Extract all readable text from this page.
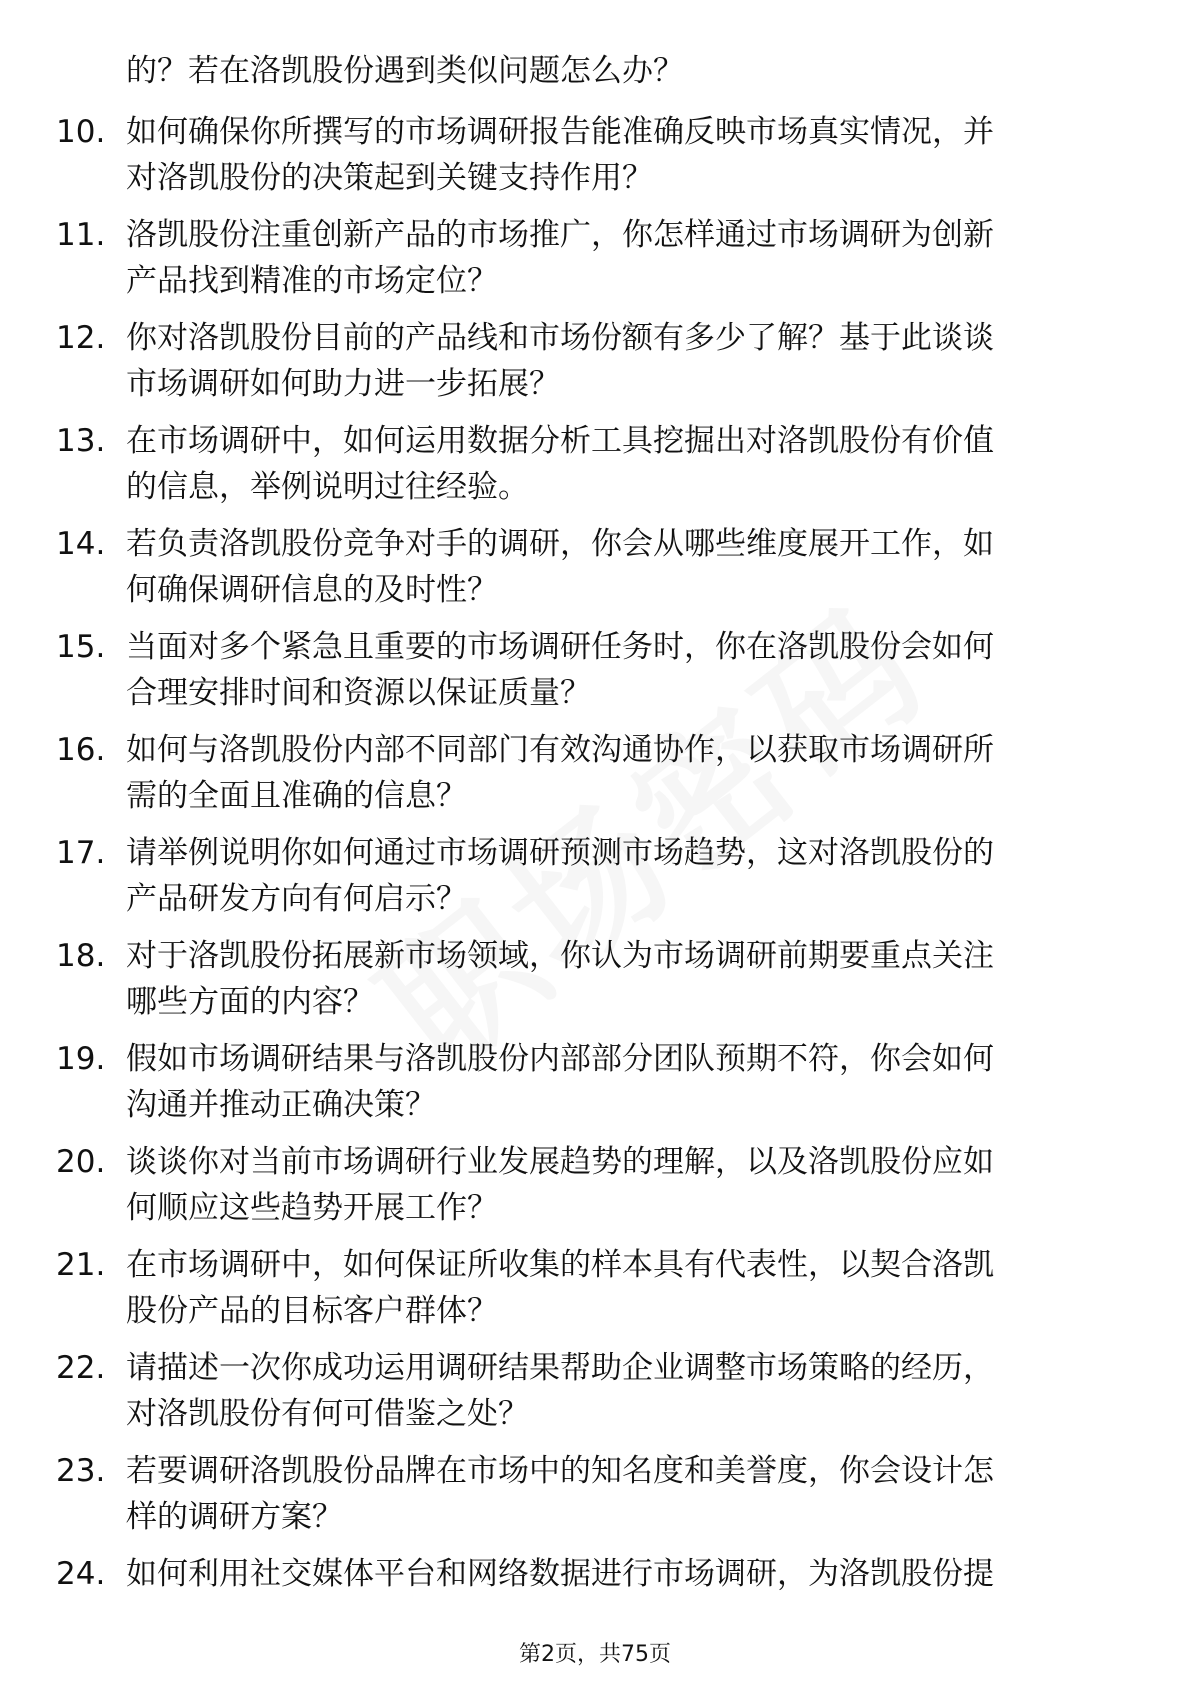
的？若在洛凯股份遇到类似问题怎么办？
10. 如何确保你所撰写的市场调研报告能准确反映市场真实情况，并
对洛凯股份的决策起到关键支持作用？
11. 洛凯股份注重创新产品的市场推广，你怎样通过市场调研为创新
产品找到精准的市场定位？
12. 你对洛凯股份目前的产品线和市场份额有多少了解？基于此谈谈
市场调研如何助力进一步拓展？
13. 在市场调研中，如何运用数据分析工具挖掘出对洛凯股份有价值
的信息，举例说明过往经验。
14. 若负责洛凯股份竞争对手的调研，你会从哪些维度展开工作，如
何确保调研信息的及时性？
15. 当面对多个紧急且重要的市场调研任务时，你在洛凯股份会如何
合理安排时间和资源以保证质量？
16. 如何与洛凯股份内部不同部门有效沟通协作，以获取市场调研所
需的全面且准确的信息？
17. 请举例说明你如何通过市场调研预测市场趋势，这对洛凯股份的
产品研发方向有何启示？
18. 对于洛凯股份拓展新市场领域，你认为市场调研前期要重点关注
哪些方面的内容？
19. 假如市场调研结果与洛凯股份内部部分团队预期不符，你会如何
沟通并推动正确决策？
20. 谈谈你对当前市场调研行业发展趋势的理解，以及洛凯股份应如
何顺应这些趋势开展工作？
21. 在市场调研中，如何保证所收集的样本具有代表性，以契合洛凯
股份产品的目标客户群体？
22. 请描述一次你成功运用调研结果帮助企业调整市场策略的经历，
对洛凯股份有何可借鉴之处？
23. 若要调研洛凯股份品牌在市场中的知名度和美誉度，你会设计怎
样的调研方案？
24. 如何利用社交媒体平台和网络数据进行市场调研，为洛凯股份提
第2页，共75页
